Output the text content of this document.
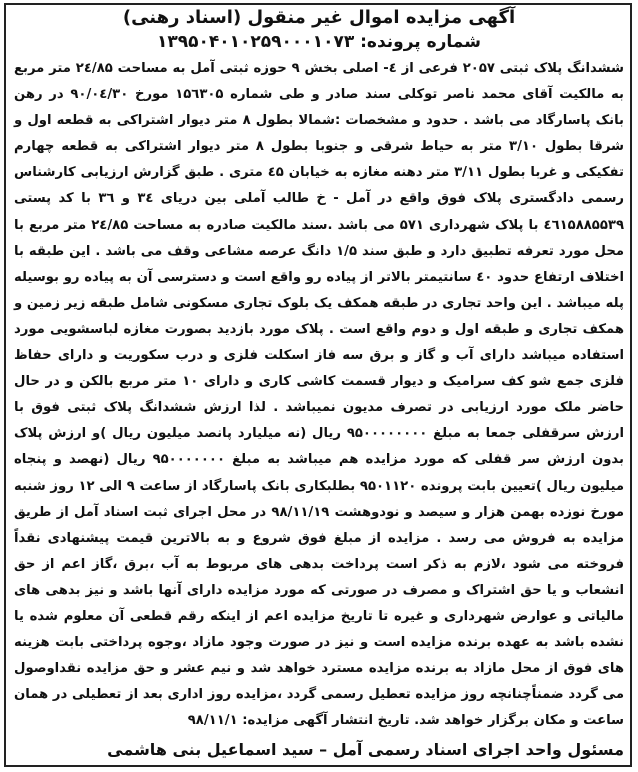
آگهی مزایده اموال غیر منقول (اسناد رهنی)
شماره پرونده: ۱۳۹۵۰۴۰۱۰۲۵۹۰۰۰۱۰۷۳

ششدانگ پلاک ثبتی ۲۰۵۷ فرعی از ٤- اصلی بخش ۹ حوزه ثبتی آمل به مساحت ۲٤/۸۵ متر مربع به مالکیت آقای محمد ناصر توکلی سند صادر و طی شماره ۱۵٦۳۰۵ مورخ ۹۰/۰٤/۳۰ در رهن بانک پاسارگاد می باشد . حدود و مشخصات :شمالا بطول ۸ متر دیوار اشتراکی به قطعه اول و شرقا بطول ۳/۱۰ متر به حیاط شرقی و جنوبا بطول ۸ متر دیوار اشتراکی به قطعه چهارم تفکیکی و غربا بطول ۳/۱۱ متر دهنه مغازه به خیابان ٤۵ متری . طبق گزارش ارزیابی کارشناس رسمی دادگستری پلاک فوق واقع در آمل - خ طالب آملی بین دریای ۳٤ و ۳٦ با کد پستی ٤٦۱۵۸۸۵۵۳۹ با پلاک شهرداری ۵۷۱ می باشد .سند مالکیت صادره به مساحت ۲٤/۸۵ متر مربع با محل مورد تعرفه تطبیق دارد و طبق سند ۱/۵ دانگ عرصه مشاعی وقف می باشد . این طبقه با اختلاف ارتفاع حدود ٤۰ سانتیمتر بالاتر از پیاده رو واقع است و دسترسی آن به پیاده رو بوسیله پله میباشد . این واحد تجاری در طبقه همکف یک بلوک تجاری مسکونی شامل طبقه زیر زمین و همکف تجاری و طبقه اول و دوم واقع است . پلاک مورد بازدید بصورت مغازه لباسشویی مورد استفاده میباشد دارای آب و گاز و برق سه فاز اسکلت فلزی و درب سکوریت و دارای حفاظ فلزی جمع شو کف سرامیک و دیوار قسمت کاشی کاری و دارای ۱۰ متر مربع بالکن و در حال حاضر ملک مورد ارزیابی در تصرف مدیون نمیباشد . لذا ارزش ششدانگ پلاک ثبتی فوق با ارزش سرقفلی جمعا به مبلغ ۹۵۰۰۰۰۰۰۰۰ ریال (نه میلیارد پانصد میلیون ریال )و ارزش پلاک بدون ارزش سر قفلی که مورد مزایده هم میباشد به مبلغ ۹۵۰۰۰۰۰۰۰ ریال (نهصد و پنجاه میلیون ریال )تعیین بابت پرونده ۹۵۰۱۱۲۰ بطلبکاری بانک پاسارگاد از ساعت ۹ الی ۱۲ روز شنبه مورخ نوزده بهمن هزار و سیصد و نودوهشت ۹۸/۱۱/۱۹ در محل اجرای ثبت اسناد آمل از طریق مزایده به فروش می رسد . مزایده از مبلغ فوق شروع و به بالاترین قیمت پیشنهادی نقداً فروخته می شود ،لازم به ذکر است پرداخت بدهی های مربوط به آب ،برق ،گاز اعم از حق انشعاب و یا حق اشتراک و مصرف در صورتی که مورد مزایده دارای آنها باشد و نیز بدهی های مالیاتی و عوارض شهرداری و غیره تا تاریخ مزایده اعم از اینکه رقم قطعی آن معلوم شده یا نشده باشد به عهده برنده مزایده است و نیز در صورت وجود مازاد ،وجوه پرداختی بابت هزینه های فوق از محل مازاد به برنده مزایده مسترد خواهد شد و نیم عشر و حق مزایده نقداوصول می گردد ضمناًچنانچه روز مزایده تعطیل رسمی گردد ،مزایده روز اداری بعد از تعطیلی در همان ساعت و مکان برگزار خواهد شد. تاریخ انتشار آگهی مزایده: ۹۸/۱۱/۱

مسئول واحد اجرای اسناد رسمی آمل – سید اسماعیل بنی هاشمی
